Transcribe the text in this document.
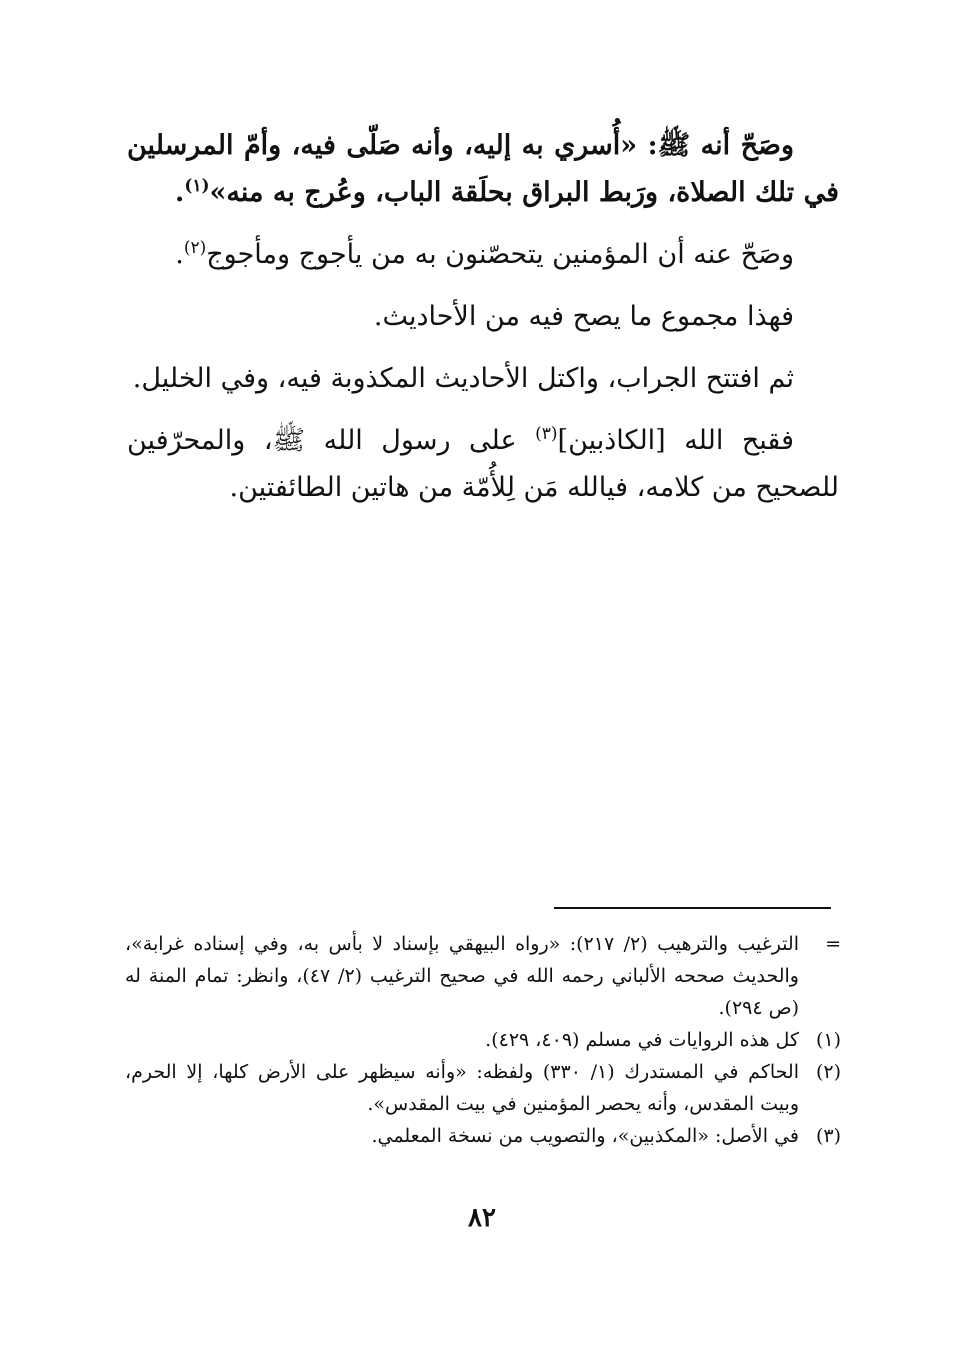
وصَحّ أنه ﷺ: «أُسري به إليه، وأنه صَلّى فيه، وأمّ المرسلين في تلك الصلاة، ورَبط البراق بحلَقة الباب، وعُرج به منه»$^{(١)}$.

وصَحّ عنه أن المؤمنين يتحصّنون به من يأجوج ومأجوج$^{(٢)}$.

فهذا مجموع ما يصح فيه من الأحاديث.

ثم افتتح الجراب، واكتل الأحاديث المكذوبة فيه، وفي الخليل.

فقبح الله [الكاذبين]$^{(٣)}$ على رسول الله ﷺ، والمحرّفين للصحيح من كلامه، فيالله مَن لِلأُمّة من هاتين الطائفتين.

=
الترغيب والترهيب (٢/ ٢١٧): «رواه البيهقي بإسناد لا بأس به، وفي إسناده غرابة»، والحديث صححه الألباني رحمه الله في صحيح الترغيب (٢/ ٤٧)، وانظر: تمام المنة له (ص ٢٩٤).
(١)
كل هذه الروايات في مسلم (٤٠٩، ٤٢٩).
(٢)
الحاكم في المستدرك (١/ ٣٣٠) ولفظه: «وأنه سيظهر على الأرض كلها، إلا الحرم، وبيت المقدس، وأنه يحصر المؤمنين في بيت المقدس».
(٣)
في الأصل: «المكذبين»، والتصويب من نسخة المعلمي.
٨٢
